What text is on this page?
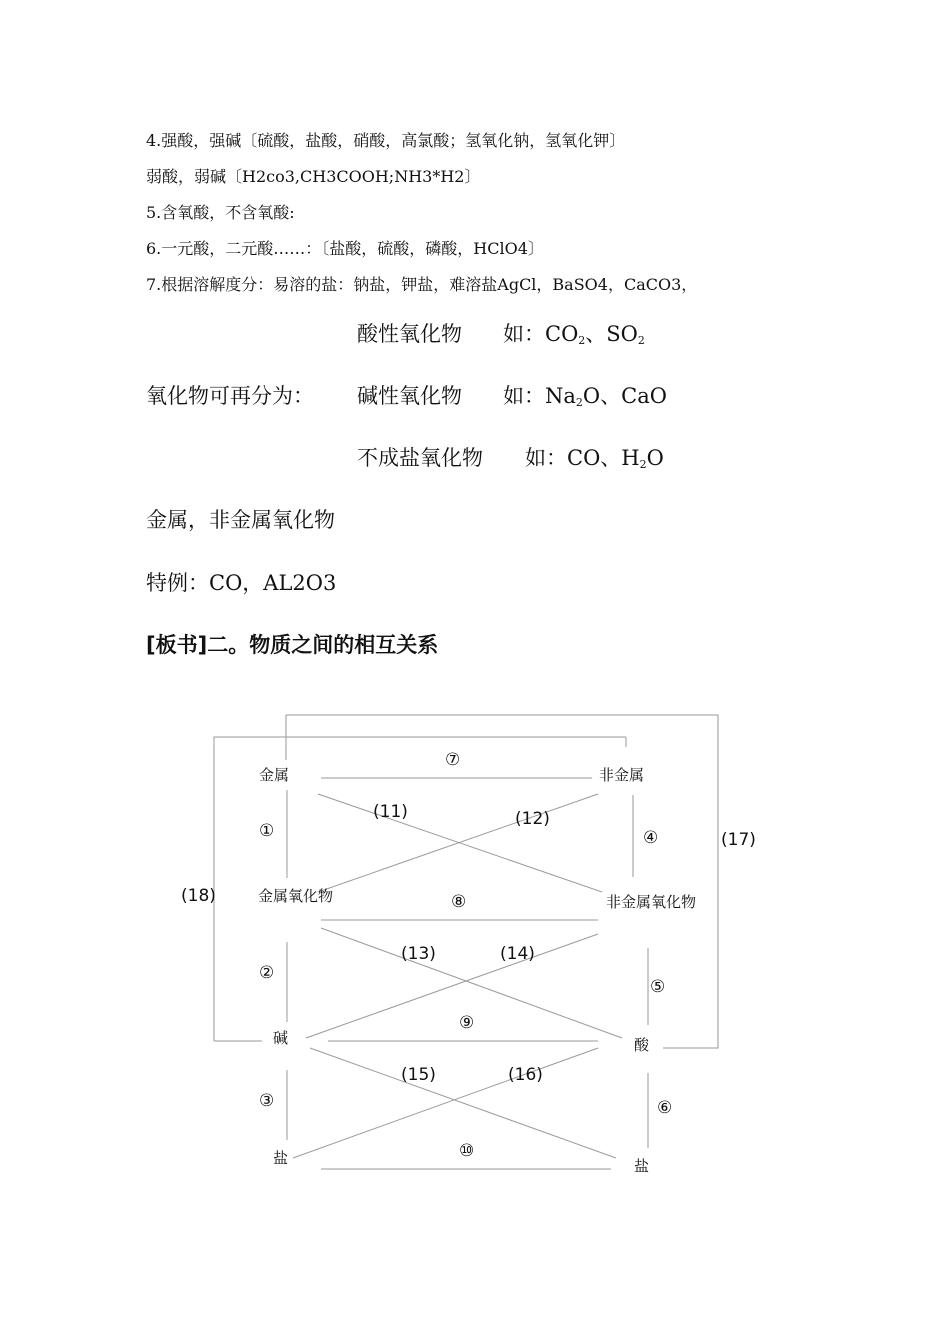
4.强酸，强碱〔硫酸，盐酸，硝酸，高氯酸；氢氧化钠，氢氧化钾〕
弱酸，弱碱〔H2co3,CH3COOH;NH3*H2〕
5.含氧酸，不含氧酸:
6.一元酸，二元酸……：〔盐酸，硫酸，磷酸，HClO4〕
7.根据溶解度分：易溶的盐：钠盐，钾盐，难溶盐AgCl，BaSO4，CaCO3，
酸性氧化物 如：$CO_2$、$SO_2$
氧化物可再分为： 碱性氧化物 如：$Na_2O$、CaO
不成盐氧化物 如：CO、$H_2O$
金属，非金属氧化物
特例：CO，AL2O3
[板书]二。物质之间的相互关系
金属	非金属
金属氧化物	非金属氧化物
碱	酸
盐	盐
①
②
③
④
⑤
⑥
⑦
⑧
⑨
⑩
(11)	(12)
(13)	(14)
(15)	(16)
(17)
(18)
